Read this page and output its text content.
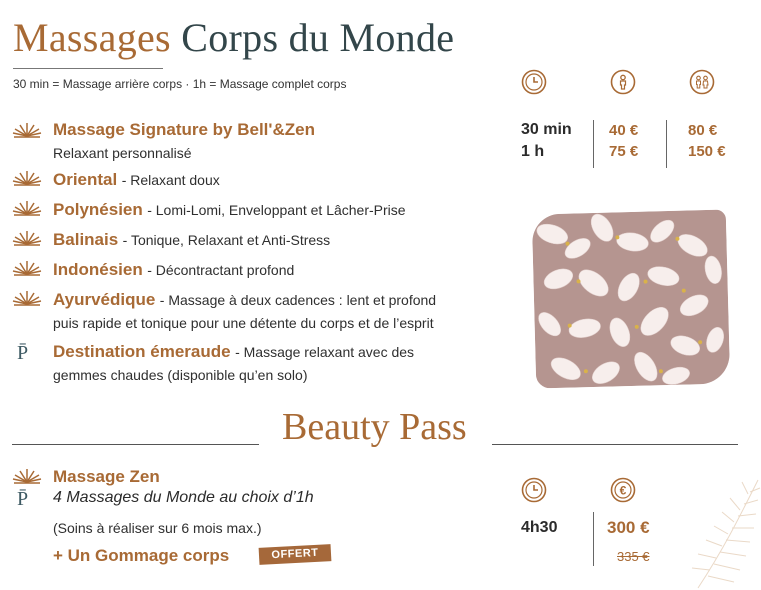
Massages Corps du Monde
30 min = Massage arrière corps · 1h = Massage complet corps
Massage Signature by Bell'&Zen
Relaxant personnalisé
Oriental - Relaxant doux
Polynésien - Lomi-Lomi, Enveloppant et Lâcher-Prise
Balinais - Tonique, Relaxant et Anti-Stress
Indonésien - Décontractant profond
Ayurvédique - Massage à deux cadences : lent et profond
puis rapide et tonique pour une détente du corps et de l’esprit
P̄ Destination émeraude - Massage relaxant avec des
gemmes chaudes (disponible qu’en solo)
30 min
1 h
40 €
75 €
80 €
150 €
Beauty Pass
P̄
Massage Zen
4 Massages du Monde au choix d’1h
(Soins à réaliser sur 6 mois max.)
+ Un Gommage corps	OFFERT
€
4h30	300 €
335 €
